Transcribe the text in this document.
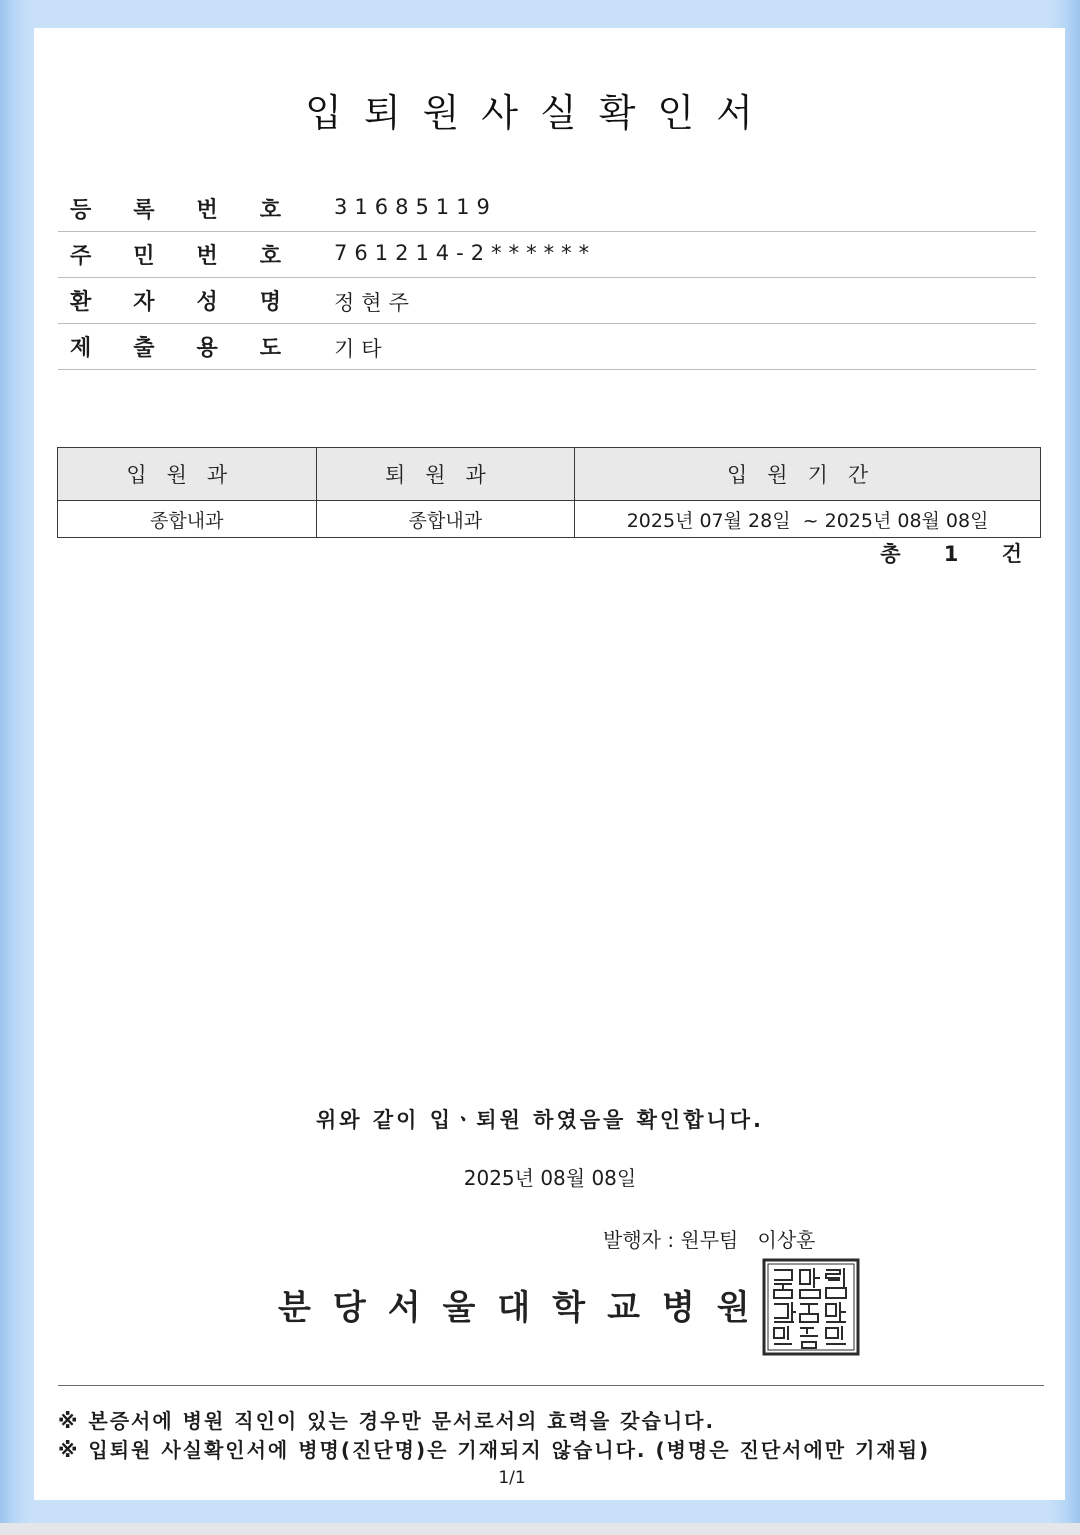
입퇴원사실확인서
등록번호 31685119
주민번호 761214-2******
환자성명 정현주
제출용도 기타
입원과	퇴원과	입원기간
종합내과	종합내과	2025년 07월 28일  ~ 2025년 08월 08일
총 1 건
위와 같이 입ㆍ퇴원 하였음을 확인합니다.
2025년 08월 08일
발행자 : 원무팀   이상훈
분당서울대학교병원
※ 본증서에 병원 직인이 있는 경우만 문서로서의 효력을 갖습니다.
※ 입퇴원 사실확인서에 병명(진단명)은 기재되지 않습니다. (병명은 진단서에만 기재됨)
1/1
